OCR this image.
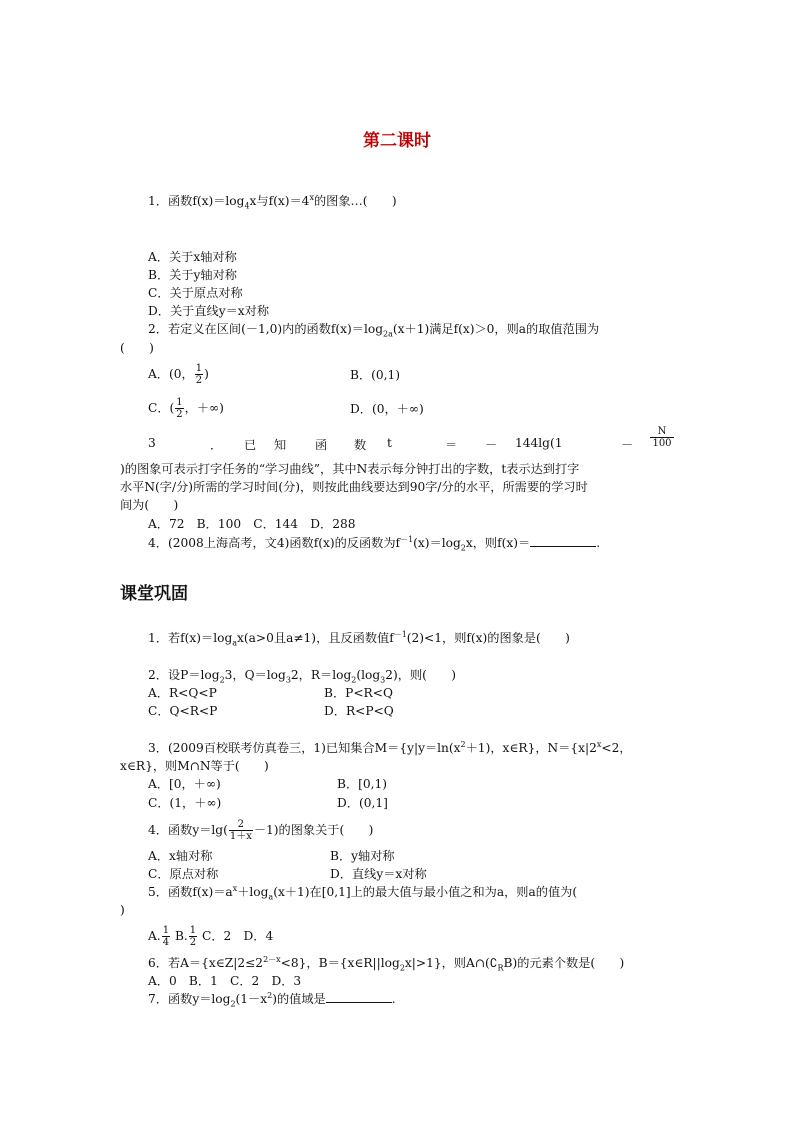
第二课时
1．函数$f(x)=\log_4x$与$f(x)=4^x$的图象…(　　)
A．关于x轴对称
B．关于y轴对称
C．关于原点对称
D．关于直线y＝x对称
2．若定义在区间(－1,0)内的函数$f(x)=\log_{2a}(x+1)$满足f(x)＞0，则a的取值范围为
(　　)
A．(0， $\frac{1}{2}$ )	B．(0,1)
C．( $\frac{1}{2}$ ，＋∞)	D．(0，＋∞)
3	． 已 知 函 数 t	＝ － 144lg(1	－ $\frac{N}{100}$
)的图象可表示打字任务的“学习曲线”，其中N表示每分钟打出的字数，t表示达到打字
水平N(字/分)所需的学习时间(分)，则按此曲线要达到90字/分的水平，所需要的学习时
间为(　　)
A．72　B．100　C．144　D．288
4．(2008上海高考，文4)函数f(x)的反函数为$f^{-1}(x)=\log_2x$，则f(x)＝	.
课堂巩固
1．若$f(x)=\log_ax(a>0$且a≠1)，且反函数值$f^{-1}(2)<1$，则f(x)的图象是(　　)
2．设$P=\log_23$，$Q=\log_32$，$R=\log_2(\log_32)$，则(　　)
A．R<Q<P	B．P<R<Q
C．Q<R<P	D．R<P<Q
3．(2009百校联考仿真卷三，1)已知集合$M=\{y|y=\ln(x^2+1)$，x∈R}，$N=\{x|2^x<2$，
x∈R}，则M∩N等于(　　)
A．[0，＋∞)	B．[0,1)
C．(1，＋∞)	D．(0,1]
4．函数$y=\lg( \frac{2}{1+x} -1)$的图象关于(　　)
A．x轴对称	B．y轴对称
C．原点对称	D．直线y＝x对称
5．函数$f(x)=a^x+\log_a(x+1)$在[0,1]上的最大值与最小值之和为a，则a的值为(
)
A. $\frac{1}{4} B$. $\frac{1}{2}$ C．2　D．4
6．若$A=\{x\in Z|2\le 2^{2-x}<8\}$，$B=\{x\in R||\log_2x|>1\}$，则$A\cap(∁_RB)$的元素个数是(　　)
A．0　B．1　C．2　D．3
7．函数$y=\log_2(1-x^2)$的值域是	.
